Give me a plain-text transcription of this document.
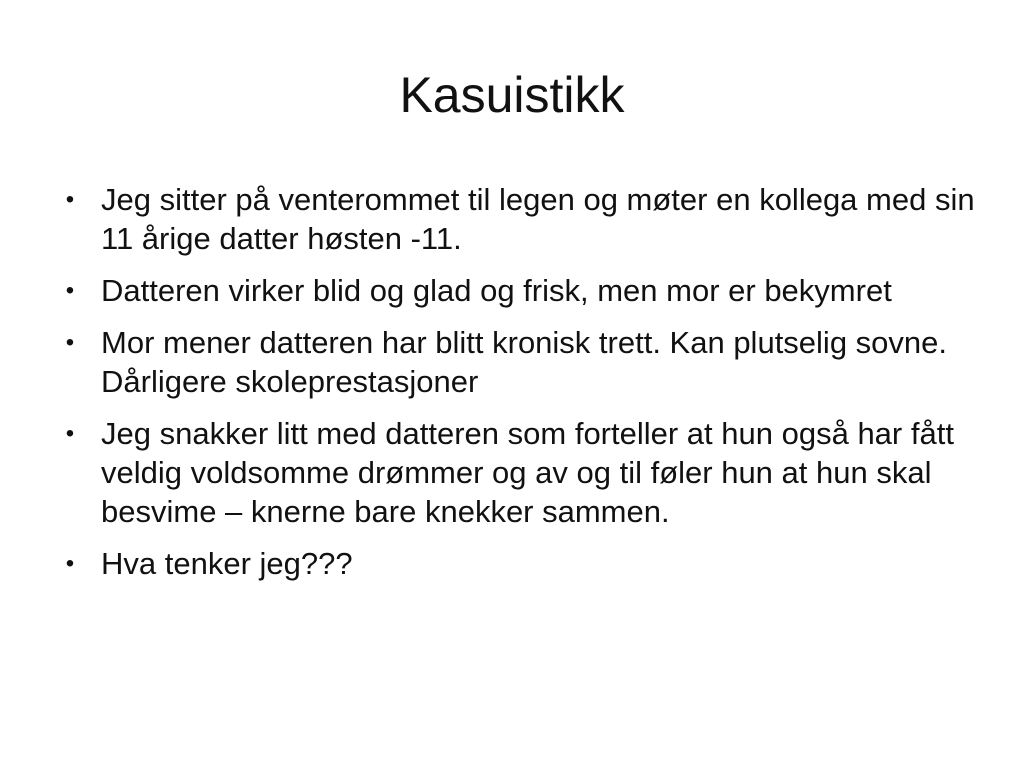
Kasuistikk
• Jeg sitter på venterommet til legen og møter en kollega med sin 11 årige datter høsten -11.
• Datteren virker blid og glad og frisk, men mor er bekymret
• Mor mener datteren har blitt kronisk trett. Kan plutselig sovne. Dårligere skoleprestasjoner
• Jeg snakker litt med datteren som forteller at hun også har fått veldig voldsomme drømmer og av og til føler hun at hun skal besvime – knerne bare knekker sammen.
• Hva tenker jeg???
